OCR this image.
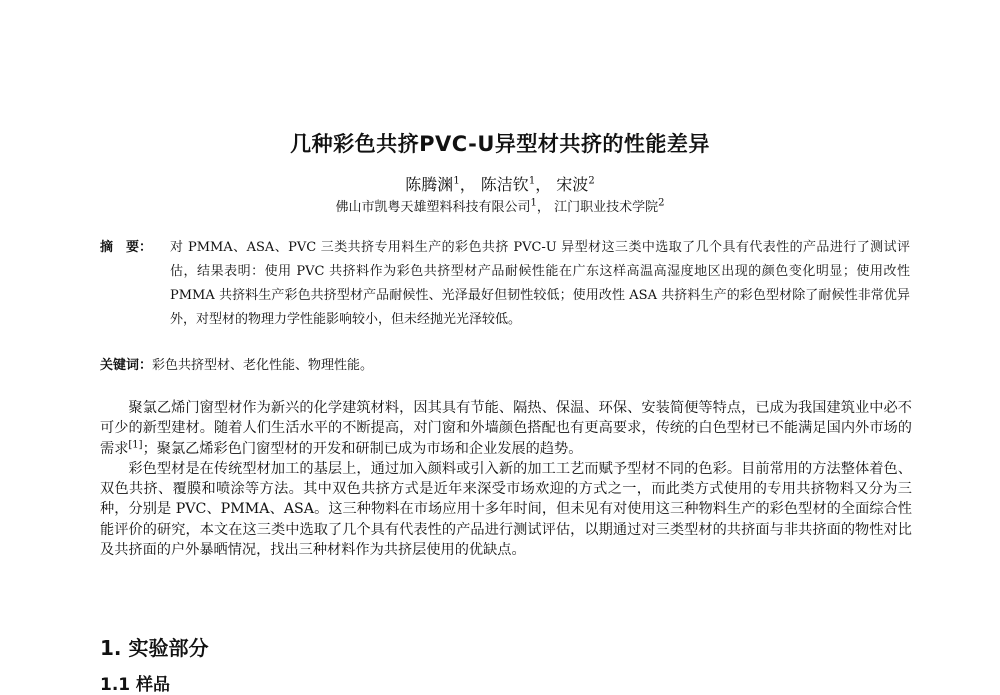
几种彩色共挤PVC-U异型材共挤的性能差异
陈腾渊$^1$， 陈洁钦$^1$， 宋波$^2$
佛山市凯粤天雄塑料科技有限公司$^1$， 江门职业技术学院$^2$
摘　要：	对 PMMA、ASA、PVC 三类共挤专用料生产的彩色共挤 PVC-U 异型材这三类中选取了几个具有代表性的产品进行了测试评估，结果表明：使用 PVC 共挤料作为彩色共挤型材产品耐候性能在广东这样高温高湿度地区出现的颜色变化明显；使用改性 PMMA 共挤料生产彩色共挤型材产品耐候性、光泽最好但韧性较低；使用改性 ASA 共挤料生产的彩色型材除了耐候性非常优异外，对型材的物理力学性能影响较小，但未经抛光光泽较低。
关键词：彩色共挤型材、老化性能、物理性能。

聚氯乙烯门窗型材作为新兴的化学建筑材料，因其具有节能、隔热、保温、环保、安装简便等特点，已成为我国建筑业中必不可少的新型建材。随着人们生活水平的不断提高，对门窗和外墙颜色搭配也有更高要求，传统的白色型材已不能满足国内外市场的需求[1]；聚氯乙烯彩色门窗型材的开发和研制已成为市场和企业发展的趋势。

彩色型材是在传统型材加工的基层上，通过加入颜料或引入新的加工工艺而赋予型材不同的色彩。目前常用的方法整体着色、双色共挤、覆膜和喷涂等方法。其中双色共挤方式是近年来深受市场欢迎的方式之一，而此类方式使用的专用共挤物料又分为三种，分别是 PVC、PMMA、ASA。这三种物料在市场应用十多年时间，但未见有对使用这三种物料生产的彩色型材的全面综合性能评价的研究，本文在这三类中选取了几个具有代表性的产品进行测试评估，以期通过对三类型材的共挤面与非共挤面的物性对比及共挤面的户外暴晒情况，找出三种材料作为共挤层使用的优缺点。

1. 实验部分
1.1 样品
